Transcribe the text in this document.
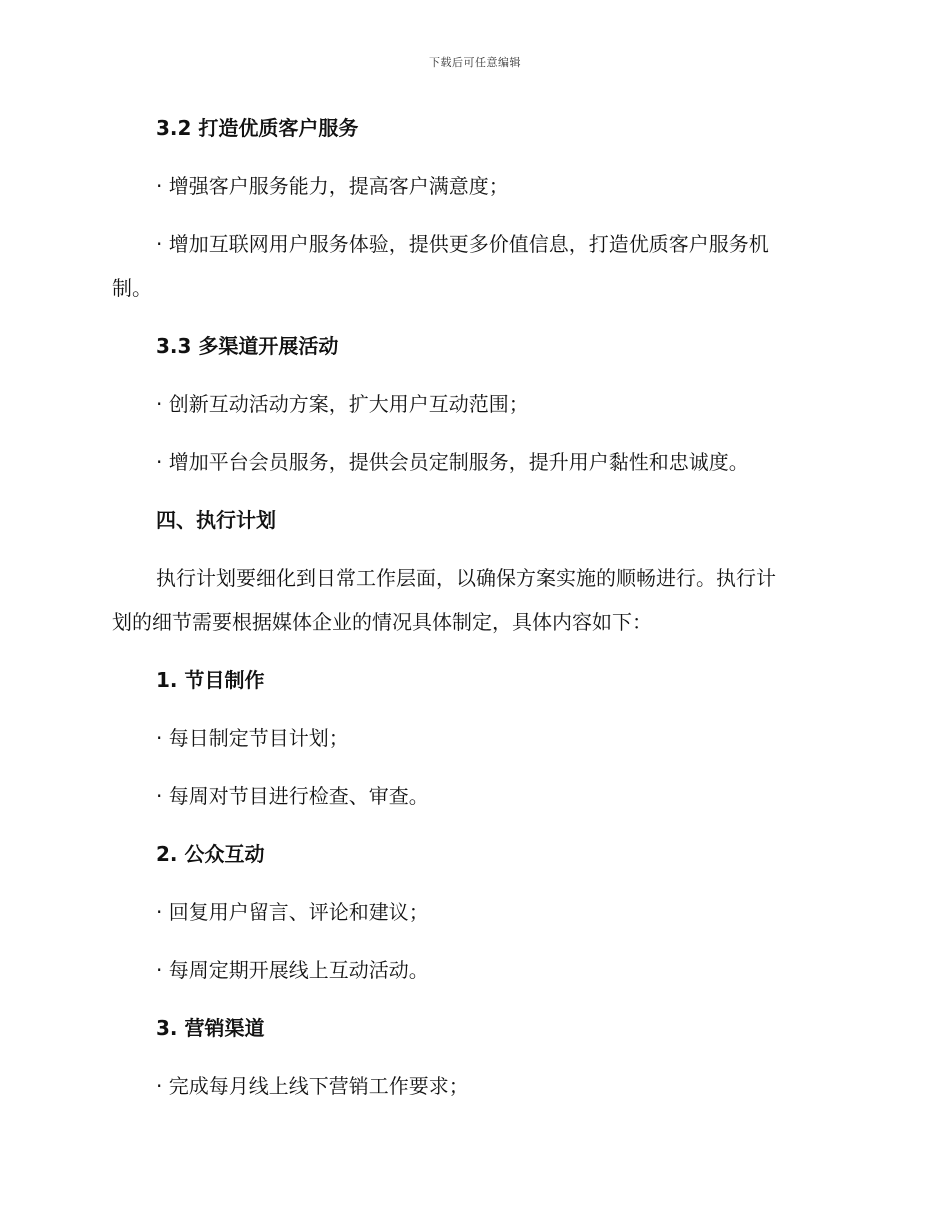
下载后可任意编辑

3.2 打造优质客户服务

· 增强客户服务能力，提高客户满意度；

· 增加互联网用户服务体验，提供更多价值信息，打造优质客户服务机

制。

3.3 多渠道开展活动

· 创新互动活动方案，扩大用户互动范围；

· 增加平台会员服务，提供会员定制服务，提升用户黏性和忠诚度。

四、执行计划

执行计划要细化到日常工作层面，以确保方案实施的顺畅进行。执行计

划的细节需要根据媒体企业的情况具体制定，具体内容如下：

1. 节目制作

· 每日制定节目计划；

· 每周对节目进行检查、审查。

2. 公众互动

· 回复用户留言、评论和建议；

· 每周定期开展线上互动活动。

3. 营销渠道

· 完成每月线上线下营销工作要求；
